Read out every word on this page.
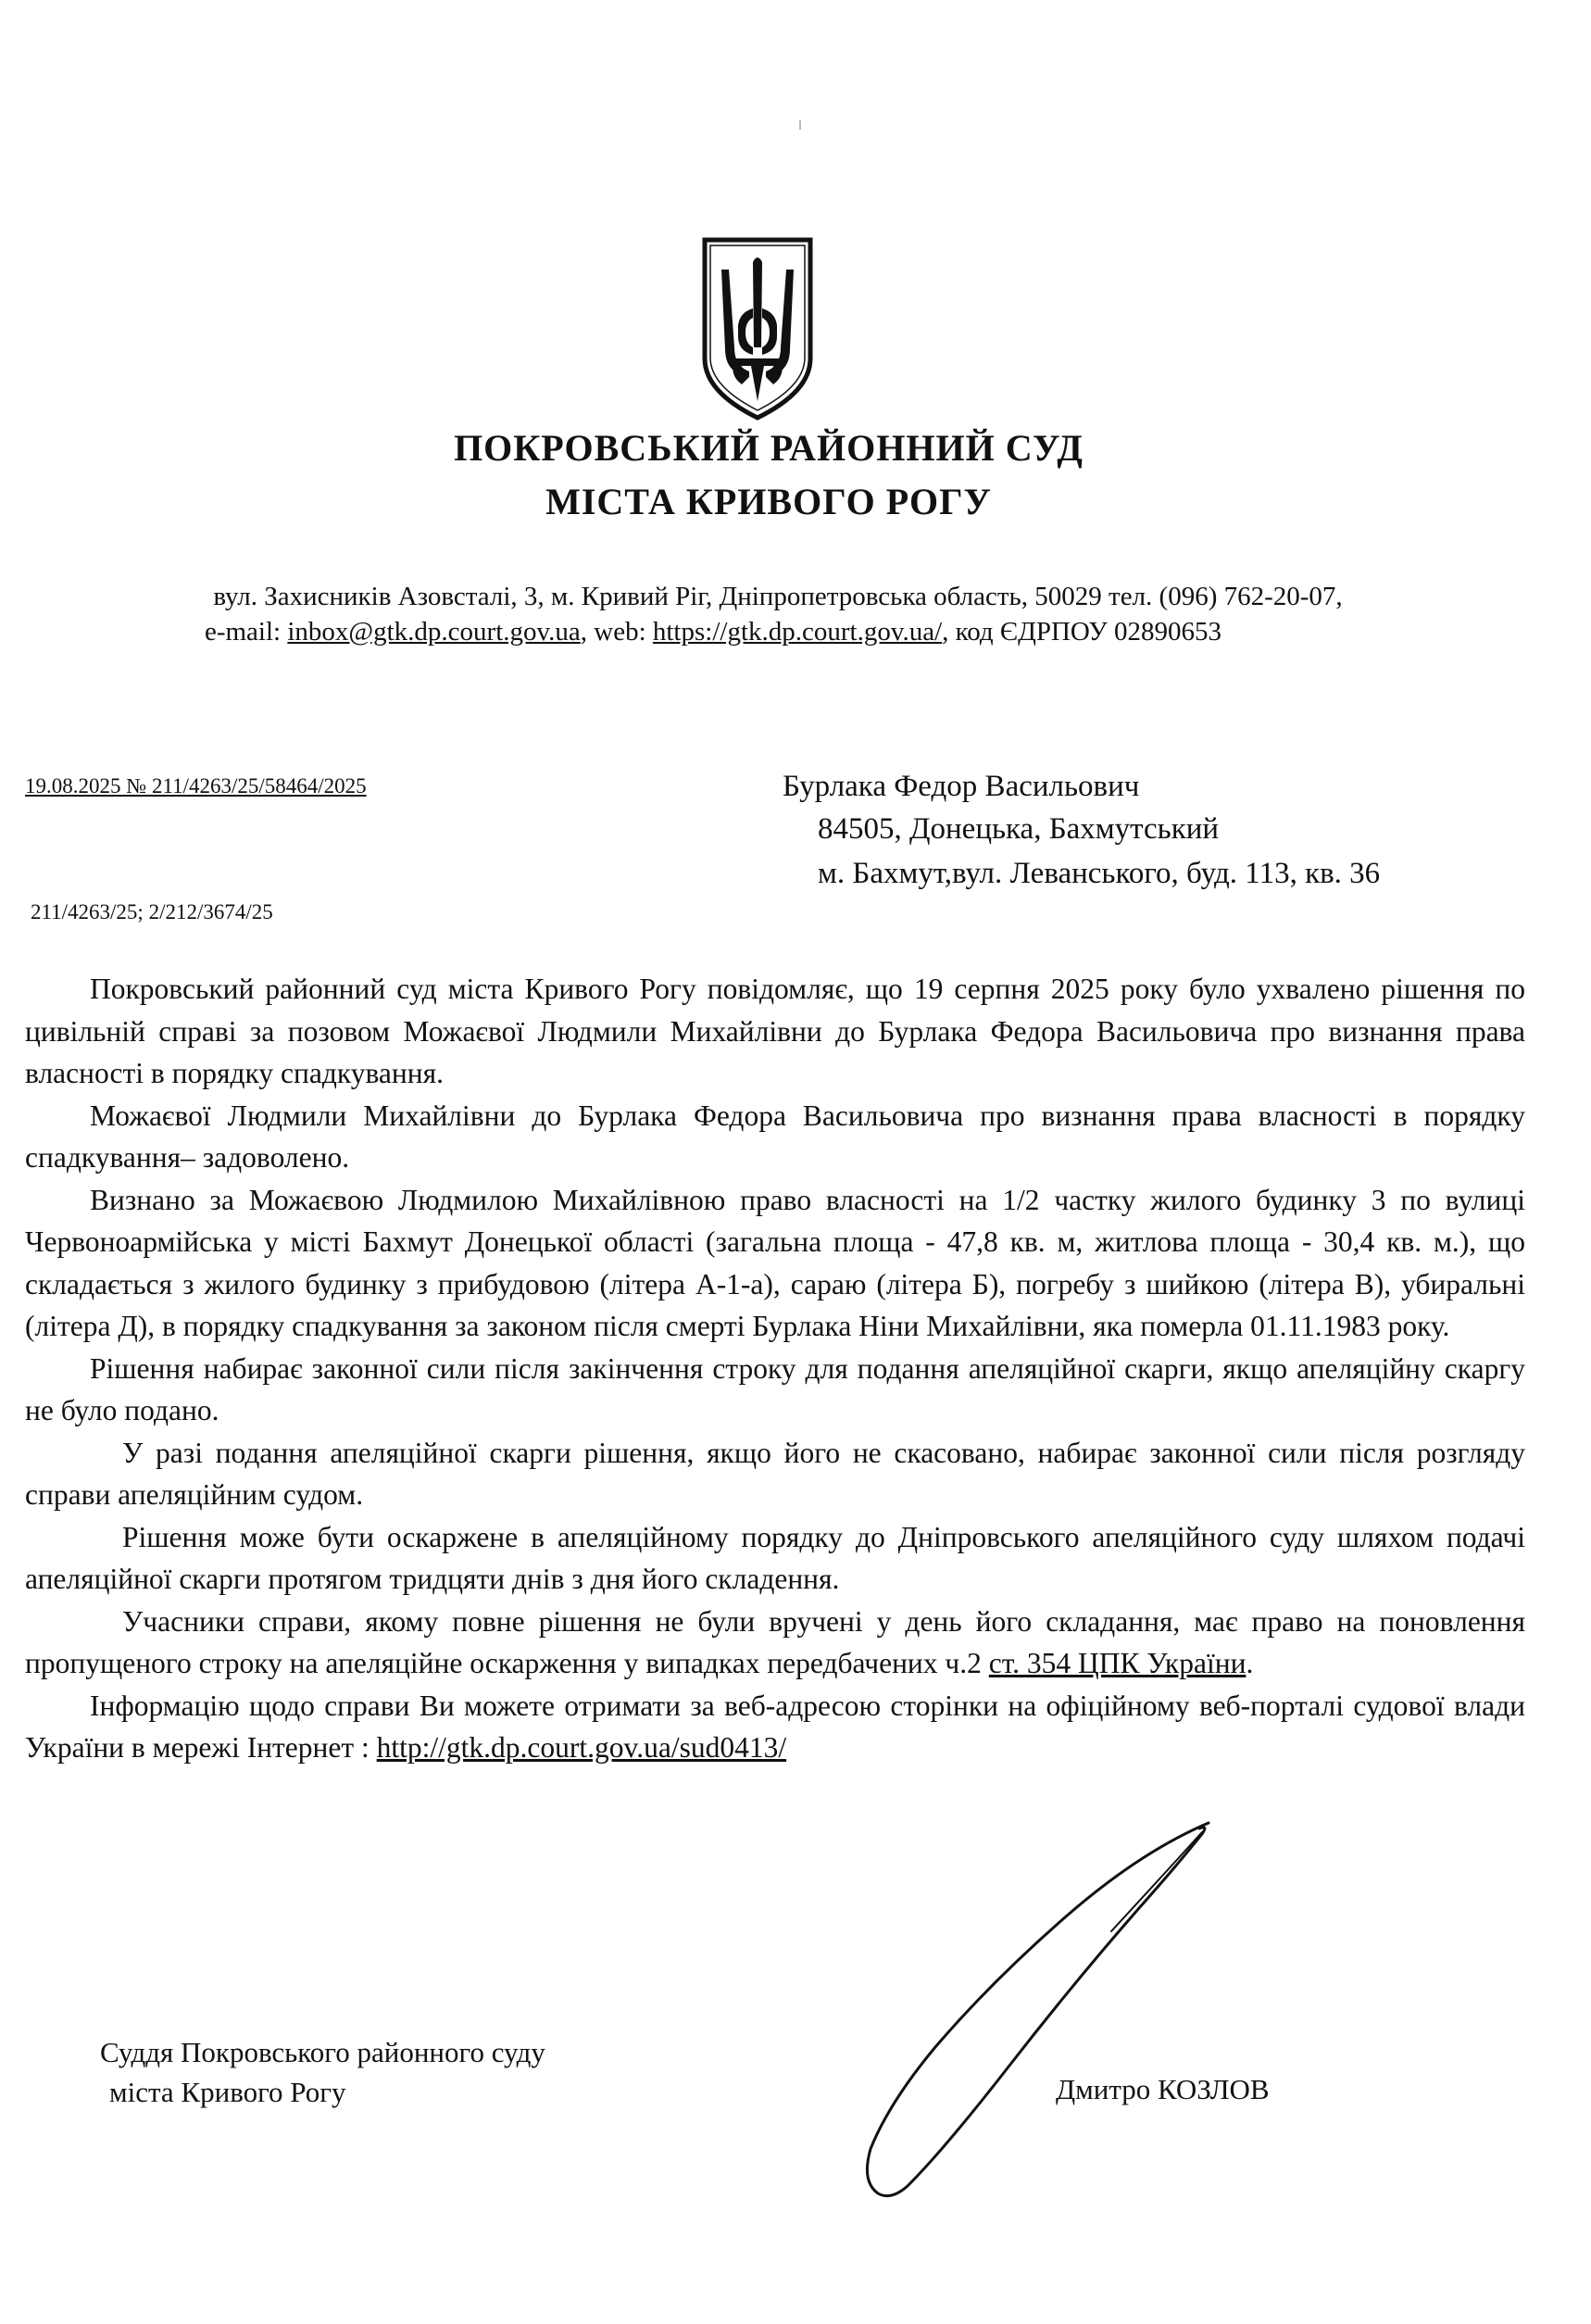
ПОКРОВСЬКИЙ РАЙОННИЙ СУД
МІСТА КРИВОГО РОГУ
вул. Захисників Азовсталі, 3, м. Кривий Ріг, Дніпропетровська область, 50029 тел. (096) 762-20-07,
e-mail: inbox@gtk.dp.court.gov.ua, web: https://gtk.dp.court.gov.ua/, код ЄДРПОУ 02890653
19.08.2025 № 211/4263/25/58464/2025
211/4263/25; 2/212/3674/25
Бурлака Федор Васильович
84505, Донецька, Бахмутський
м. Бахмут,вул. Леванського, буд. 113, кв. 36

Покровський районний суд міста Кривого Рогу повідомляє, що 19 серпня 2025 року було ухвалено рішення по цивільній справі за позовом Можаєвої Людмили Михайлівни до Бурлака Федора Васильовича про визнання права власності в порядку спадкування.

Можаєвої Людмили Михайлівни до Бурлака Федора Васильовича про визнання права власності в порядку спадкування– задоволено.

Визнано за Можаєвою Людмилою Михайлівною право власності на 1/2 частку жилого будинку 3 по вулиці Червоноармійська у місті Бахмут Донецької області (загальна площа - 47,8 кв. м, житлова площа - 30,4 кв. м.), що складається з жилого будинку з прибудовою (літера А-1-а), сараю (літера Б), погребу з шийкою (літера В), убиральні (літера Д), в порядку спадкування за законом після смерті Бурлака Ніни Михайлівни, яка померла 01.11.1983 року.

Рішення набирає законної сили після закінчення строку для подання апеляційної скарги, якщо апеляційну скаргу не було подано.

У разі подання апеляційної скарги рішення, якщо його не скасовано, набирає законної сили після розгляду справи апеляційним судом.

Рішення може бути оскаржене в апеляційному порядку до Дніпровського апеляційного суду шляхом подачі апеляційної скарги протягом тридцяти днів з дня його складення.

Учасники справи, якому повне рішення не були вручені у день його складання, має право на поновлення пропущеного строку на апеляційне оскарження у випадках передбачених ч.2 ст. 354 ЦПК України.

Інформацію щодо справи Ви можете отримати за веб-адресою сторінки на офіційному веб-порталі судової влади України в мережі Інтернет : http://gtk.dp.court.gov.ua/sud0413/

Суддя Покровського районного суду
міста Кривого Рогу	Дмитро КОЗЛОВ
